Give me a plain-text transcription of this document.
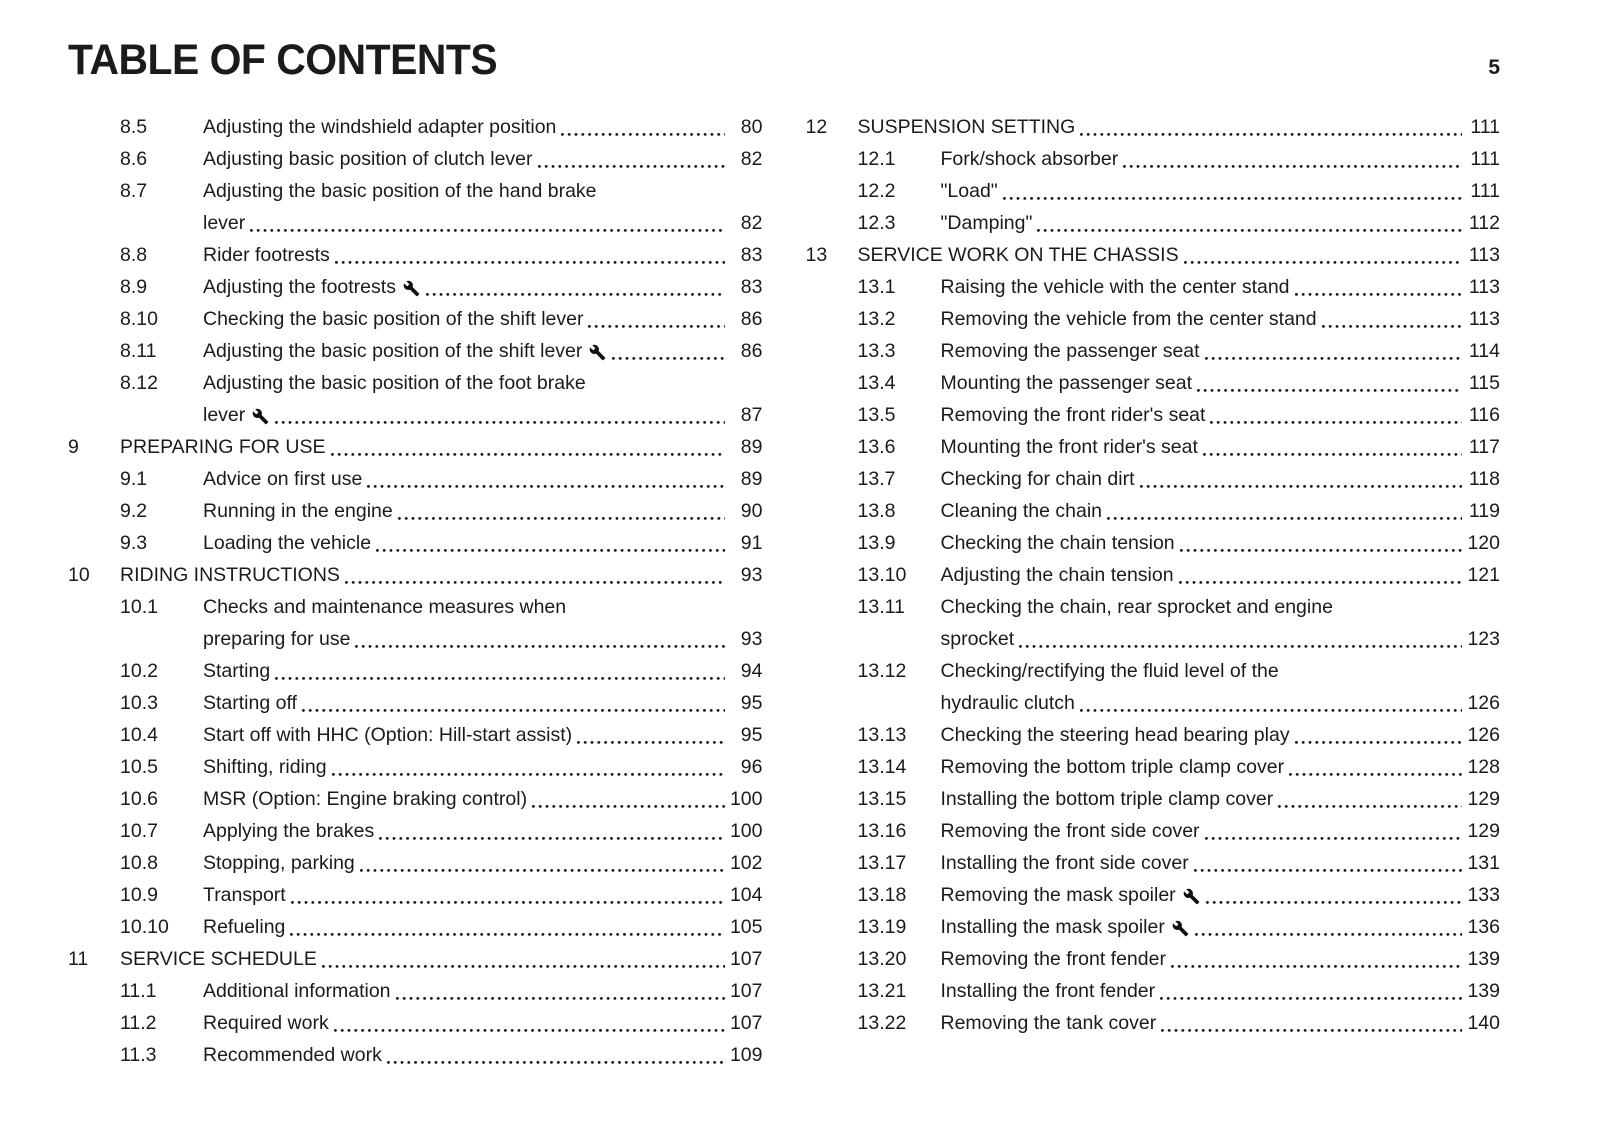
TABLE OF CONTENTS	5
8.5	Adjusting the windshield adapter position	80
8.6	Adjusting basic position of clutch lever	82
8.7	Adjusting the basic position of the hand brake
lever	82
8.8	Rider footrests	83
8.9	Adjusting the footrests	83
8.10	Checking the basic position of the shift lever	86
8.11	Adjusting the basic position of the shift lever	86
8.12	Adjusting the basic position of the foot brake
lever	87
9	PREPARING FOR USE	89
9.1	Advice on first use	89
9.2	Running in the engine	90
9.3	Loading the vehicle	91
10	RIDING INSTRUCTIONS	93
10.1	Checks and maintenance measures when
preparing for use	93
10.2	Starting	94
10.3	Starting off	95
10.4	Start off with HHC (Option: Hill-start assist)	95
10.5	Shifting, riding	96
10.6	MSR (Option: Engine braking control)	100
10.7	Applying the brakes	100
10.8	Stopping, parking	102
10.9	Transport	104
10.10	Refueling	105
11	SERVICE SCHEDULE	107
11.1	Additional information	107
11.2	Required work	107
11.3	Recommended work	109
12	SUSPENSION SETTING	111
12.1	Fork/shock absorber	111
12.2	"Load"	111
12.3	"Damping"	112
13	SERVICE WORK ON THE CHASSIS	113
13.1	Raising the vehicle with the center stand	113
13.2	Removing the vehicle from the center stand	113
13.3	Removing the passenger seat	114
13.4	Mounting the passenger seat	115
13.5	Removing the front rider's seat	116
13.6	Mounting the front rider's seat	117
13.7	Checking for chain dirt	118
13.8	Cleaning the chain	119
13.9	Checking the chain tension	120
13.10	Adjusting the chain tension	121
13.11	Checking the chain, rear sprocket and engine
sprocket	123
13.12	Checking/rectifying the fluid level of the
hydraulic clutch	126
13.13	Checking the steering head bearing play	126
13.14	Removing the bottom triple clamp cover	128
13.15	Installing the bottom triple clamp cover	129
13.16	Removing the front side cover	129
13.17	Installing the front side cover	131
13.18	Removing the mask spoiler	133
13.19	Installing the mask spoiler	136
13.20	Removing the front fender	139
13.21	Installing the front fender	139
13.22	Removing the tank cover	140
